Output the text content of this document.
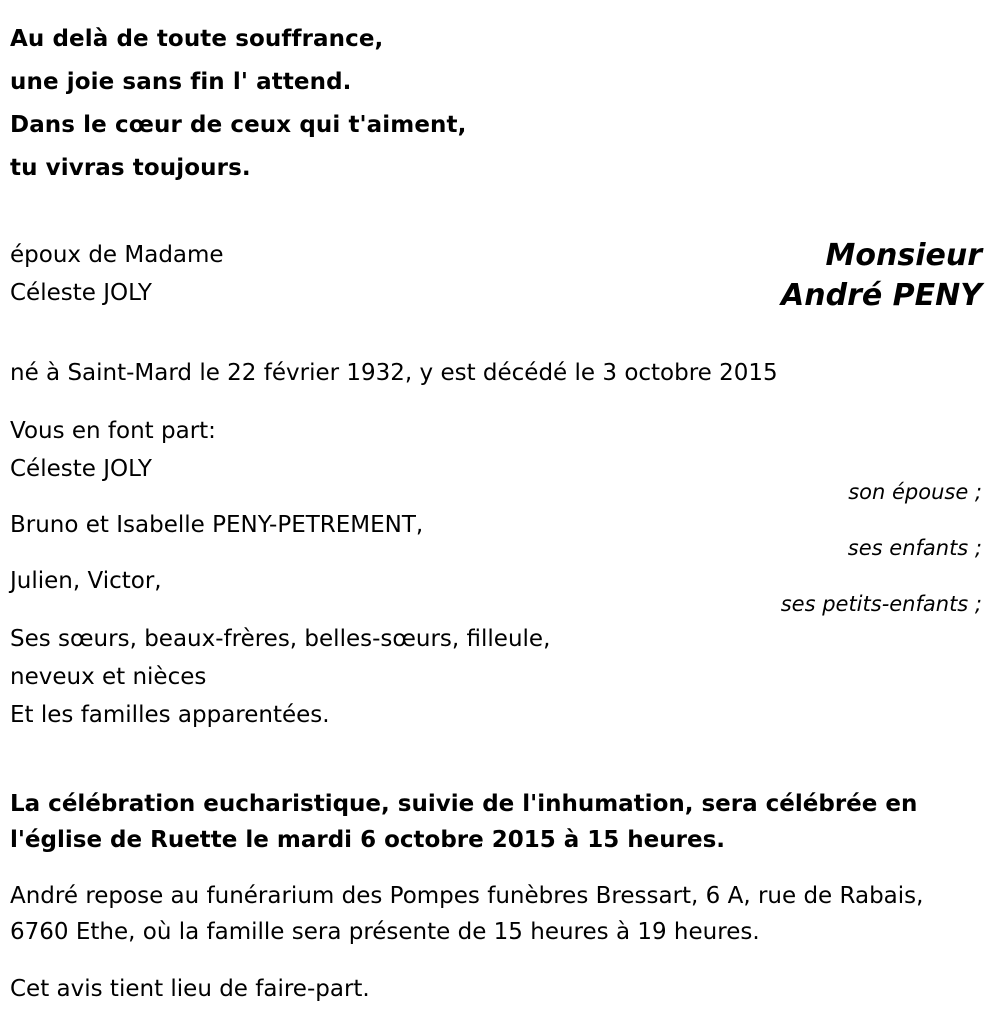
Au delà de toute souffrance,
une joie sans fin l' attend.
Dans le cœur de ceux qui t'aiment,
tu vivras toujours.
époux de Madame
Céleste JOLY
Monsieur
André PENY
né à Saint-Mard le 22 février 1932, y est décédé le 3 octobre 2015
Vous en font part:
Céleste JOLY
son épouse ;
Bruno et Isabelle PENY-PETREMENT,
ses enfants ;
Julien, Victor,
ses petits-enfants ;
Ses sœurs, beaux-frères, belles-sœurs, filleule,
neveux et nièces
Et les familles apparentées.
La célébration eucharistique, suivie de l'inhumation, sera célébrée en l'église de Ruette le mardi 6 octobre 2015 à 15 heures.
André repose au funérarium des Pompes funèbres Bressart, 6 A, rue de Rabais, 6760 Ethe, où la famille sera présente de 15 heures à 19 heures.
Cet avis tient lieu de faire-part.
